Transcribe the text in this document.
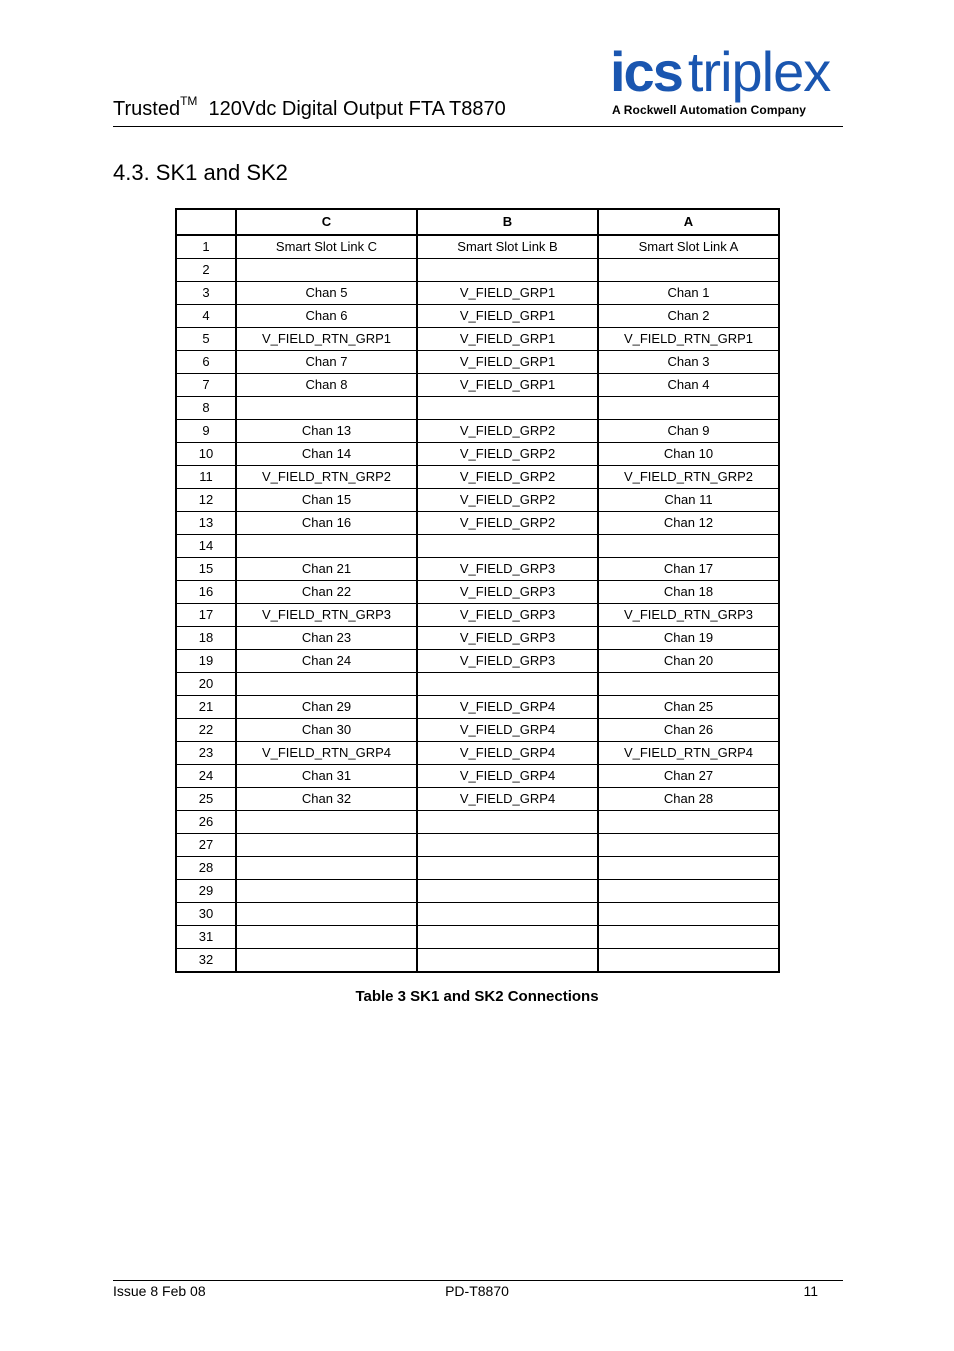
Trusted™ 120Vdc Digital Output FTA T8870
ics triplex
A Rockwell Automation Company
4.3. SK1 and SK2
	C	B	A
1	Smart Slot Link C	Smart Slot Link B	Smart Slot Link A
2			
3	Chan 5	V_FIELD_GRP1	Chan 1
4	Chan 6	V_FIELD_GRP1	Chan 2
5	V_FIELD_RTN_GRP1	V_FIELD_GRP1	V_FIELD_RTN_GRP1
6	Chan 7	V_FIELD_GRP1	Chan 3
7	Chan 8	V_FIELD_GRP1	Chan 4
8			
9	Chan 13	V_FIELD_GRP2	Chan 9
10	Chan 14	V_FIELD_GRP2	Chan 10
11	V_FIELD_RTN_GRP2	V_FIELD_GRP2	V_FIELD_RTN_GRP2
12	Chan 15	V_FIELD_GRP2	Chan 11
13	Chan 16	V_FIELD_GRP2	Chan 12
14			
15	Chan 21	V_FIELD_GRP3	Chan 17
16	Chan 22	V_FIELD_GRP3	Chan 18
17	V_FIELD_RTN_GRP3	V_FIELD_GRP3	V_FIELD_RTN_GRP3
18	Chan 23	V_FIELD_GRP3	Chan 19
19	Chan 24	V_FIELD_GRP3	Chan 20
20			
21	Chan 29	V_FIELD_GRP4	Chan 25
22	Chan 30	V_FIELD_GRP4	Chan 26
23	V_FIELD_RTN_GRP4	V_FIELD_GRP4	V_FIELD_RTN_GRP4
24	Chan 31	V_FIELD_GRP4	Chan 27
25	Chan 32	V_FIELD_GRP4	Chan 28
26			
27			
28			
29			
30			
31			
32			
Table 3 SK1 and SK2 Connections
Issue 8 Feb 08	PD-T8870	11
